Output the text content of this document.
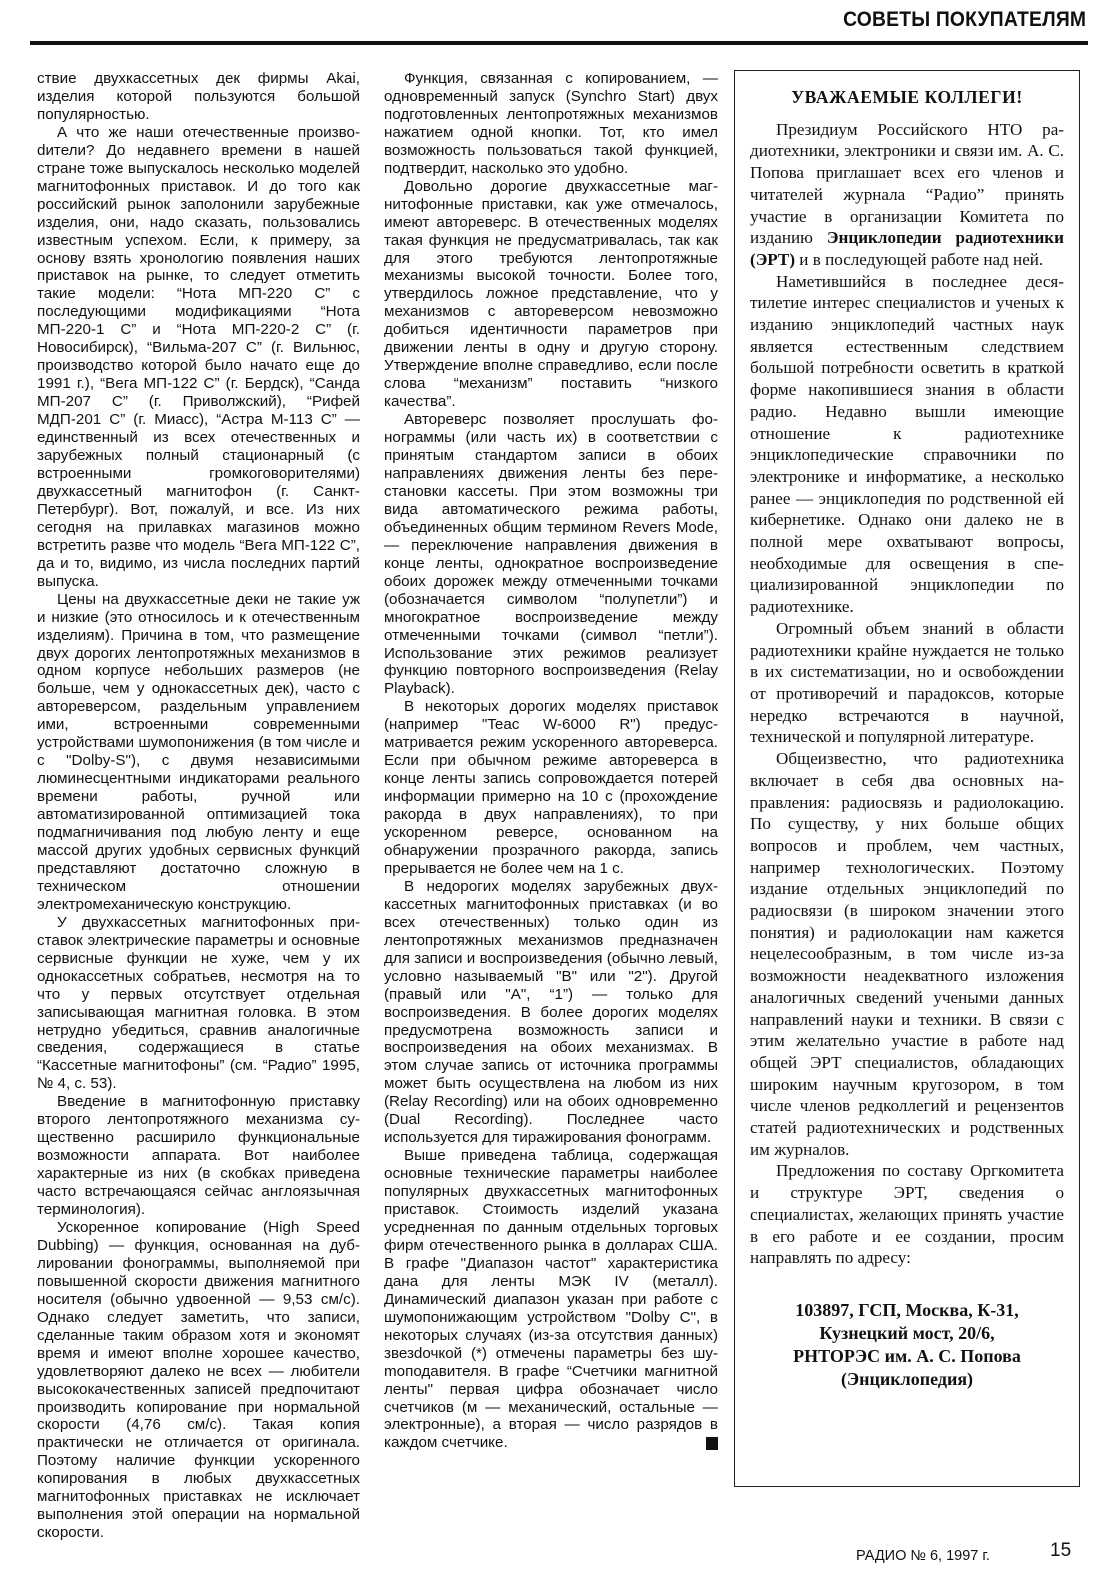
СОВЕТЫ ПОКУПАТЕЛЯМ

ствие двухкассетных дек фирмы Akai, изделия которой пользуются большой популярностью.

А что же наши отечественные произвоdители? До недавнего времени в нашей стране тоже выпускалось несколько моделей магнитофонных приставок. И до того как российский рынок заполонили зарубежные изделия, они, надо сказать, пользовались известным успехом. Если, к примеру, за основу взять хронологию появления наших приставок на рынке, то следует отметить такие модели: “Нота МП-220 С” с последующими модификациями “Нота МП-220-1 С” и “Нота МП-220-2 С” (г. Новосибирск), “Вильма-207 С” (г. Вильнюс, производство которой было начато еще до 1991 г.), “Вега МП-122 С” (г. Бердск), “Санда МП-207 С” (г. Приволжский), “Рифей МДП-201 С” (г. Миасс), “Астра М-113 С” — единственный из всех отечественных и зарубежных полный стационарный (с встроенными громкоговорителями) двухкассетный магнитофон (г. Санкт-Петербург). Вот, пожалуй, и все. Из них сегодня на прилавках магазинов можно встретить разве что модель “Вега МП-122 С”, да и то, видимо, из числа последних партий выпуска.

Цены на двухкассетные деки не такие уж и низкие (это относилось и к отечественным изделиям). Причина в том, что размещение двух дорогих лентопротяжных механизмов в одном корпусе небольших размеров (не больше, чем у однокассетных дек), часто с автореверсом, раздельным управлением ими, встроенными современными устройствами шумопонижения (в том числе и с "Dolby-S"), с двумя независимыми люминесцентными индикаторами реального времени работы, ручной или автоматизированной оптимизацией тока подмагничивания под любую ленту и еще массой других удобных сервисных функций представляют достаточно сложную в техническом отношении электромеханическую конструкцию.

У двухкассетных магнитофонных приставок электрические параметры и основные сервисные функции не хуже, чем у их однокассетных собратьев, несмотря на то что у первых отсутствует отдельная записывающая магнитная головка. В этом нетрудно убедиться, сравнив аналогичные сведения, содержащиеся в статье “Кассетные магнитофоны” (см. “Радио” 1995, № 4, с. 53).

Введение в магнитофонную приставку второго лентопротяжного механизма существенно расширило функциональные возможности аппарата. Вот наиболее характерные из них (в скобках приведена часто встречающаяся сейчас англоязычная терминология).

Ускоренное копирование (High Speed Dubbing) — функция, основанная на дублировании фонограммы, выполняемой при повышенной скорости движения магнитного носителя (обычно удвоенной — 9,53 см/с). Однако следует заметить, что записи, сделанные таким образом хотя и экономят время и имеют вполне хорошее качество, удовлетворяют далеко не всех — любители высококачественных записей предпочитают производить копирование при нормальной скорости (4,76 см/с). Такая копия практически не отличается от оригинала. Поэтому наличие функции ускоренного копирования в любых двухкассетных магнитофонных приставках не исключает выполнения этой операции на нормальной скорости.

Функция, связанная с копированием, — одновременный запуск (Synchro Start) двух подготовленных лентопротяжных механизмов нажатием одной кнопки. Тот, кто имел возможность пользоваться такой функцией, подтвердит, насколько это удобно.

Довольно дорогие двухкассетные магнитофонные приставки, как уже отмечалось, имеют автореверс. В отечественных моделях такая функция не предусматривалась, так как для этого требуются лентопротяжные механизмы высокой точности. Более того, утвердилось ложное представление, что у механизмов с автореверсом невозможно добиться идентичности параметров при движении ленты в одну и другую сторону. Утверждение вполне справедливо, если после слова “механизм” поставить “низкого качества”.

Автореверс позволяет прослушать фонограммы (или часть их) в соответствии с принятым стандартом записи в обоих направлениях движения ленты без перестановки кассеты. При этом возможны три вида автоматического режима работы, объединенных общим термином Revers Mode, — переключение направления движения в конце ленты, однократное воспроизведение обоих дорожек между отмеченными точками (обозначается символом “полупетли”) и многократное воспроизведение между отмеченными точками (символ “петли”). Использование этих режимов реализует функцию повторного воспроизведения (Relay Playback).

В некоторых дорогих моделях приставок (например "Teac W-6000 R") предусматривается режим ускоренного автореверса. Если при обычном режиме автореверса в конце ленты запись сопровождается потерей информации примерно на 10 с (прохождение ракорда в двух направлениях), то при ускоренном реверсе, основанном на обнаружении прозрачного ракорда, запись прерывается не более чем на 1 с.

В недорогих моделях зарубежных двухкассетных магнитофонных приставках (и во всех отечественных) только один из лентопротяжных механизмов предназначен для записи и воспроизведения (обычно левый, условно называемый "B" или "2"). Другой (правый или "А", “1”) — только для воспроизведения. В более дорогих моделях предусмотрена возможность записи и воспроизведения на обоих механизмах. В этом случае запись от источника программы может быть осуществлена на любом из них (Relay Recording) или на обоих одновременно (Dual Recording). Последнее часто используется для тиражирования фонограмм.

Выше приведена таблица, содержащая основные технические параметры наиболее популярных двухкассетных магнитофонных приставок. Стоимость изделий указана усредненная по данным отдельных торговых фирм отечественного рынка в долларах США. В графе "Диапазон частот" характеристика дана для ленты МЭК IV (металл). Динамический диапазон указан при работе с шумопонижающим устройством "Dolby C", в некоторых случаях (из-за отсутствия данных) звезdочкой (*) отмечены параметры без шуmоподавителя. В графе “Счетчики магнитной ленты" первая цифра обозначает число счетчиков (м — механический, остальные — электронные), а вторая — число разрядов в каждом счетчике.

УВАЖАЕМЫЕ КОЛЛЕГИ!

Президиум Российского НТО радиотехники, электроники и связи им. А. С. Попова приглашает всех его членов и читателей журнала “Радио” принять участие в организации Комитета по изданию Энциклопедии радиотехники (ЭРТ) и в последующей работе над ней.

Наметившийся в последнее десятилетие интерес специалистов и ученых к изданию энциклопедий частных наук является естественным следствием большой потребности осветить в краткой форме накопившиеся знания в области радио. Недавно вышли имеющие отношение к радиотехнике энциклопедические справочники по электронике и информатике, а несколько ранее — энциклопедия по родственной ей кибернетике. Однако они далеко не в полной мере охватывают вопросы, необходимые для освещения в специализированной энциклопедии по радиотехнике.

Огромный объем знаний в области радиотехники крайне нуждается не только в их систематизации, но и освобождении от противоречий и парадоксов, которые нередко встречаются в научной, технической и популярной литературе.

Общеизвестно, что радиотехника включает в себя два основных направления: радиосвязь и радиолокацию. По существу, у них больше общих вопросов и проблем, чем частных, например технологических. Поэтому издание отдельных энциклопедий по радиосвязи (в широком значении этого понятия) и радиолокации нам кажется нецелесообразным, в том числе из-за возможности неадекватного изложения аналогичных сведений учеными данных направлений науки и техники. В связи с этим желательно участие в работе над общей ЭРТ специалистов, обладающих широким научным кругозором, в том числе членов редколлегий и рецензентов статей радиотехнических и родственных им журналов.

Предложения по составу Оргкомитета и структуре ЭРТ, сведения о специалистах, желающих принять участие в его работе и ее создании, просим направлять по адресу:

103897, ГСП, Москва, К-31,
Кузнецкий мост, 20/6,
РНТОРЭС им. А. С. Попова
(Энциклопедия)
РАДИО № 6, 1997 г.	15
